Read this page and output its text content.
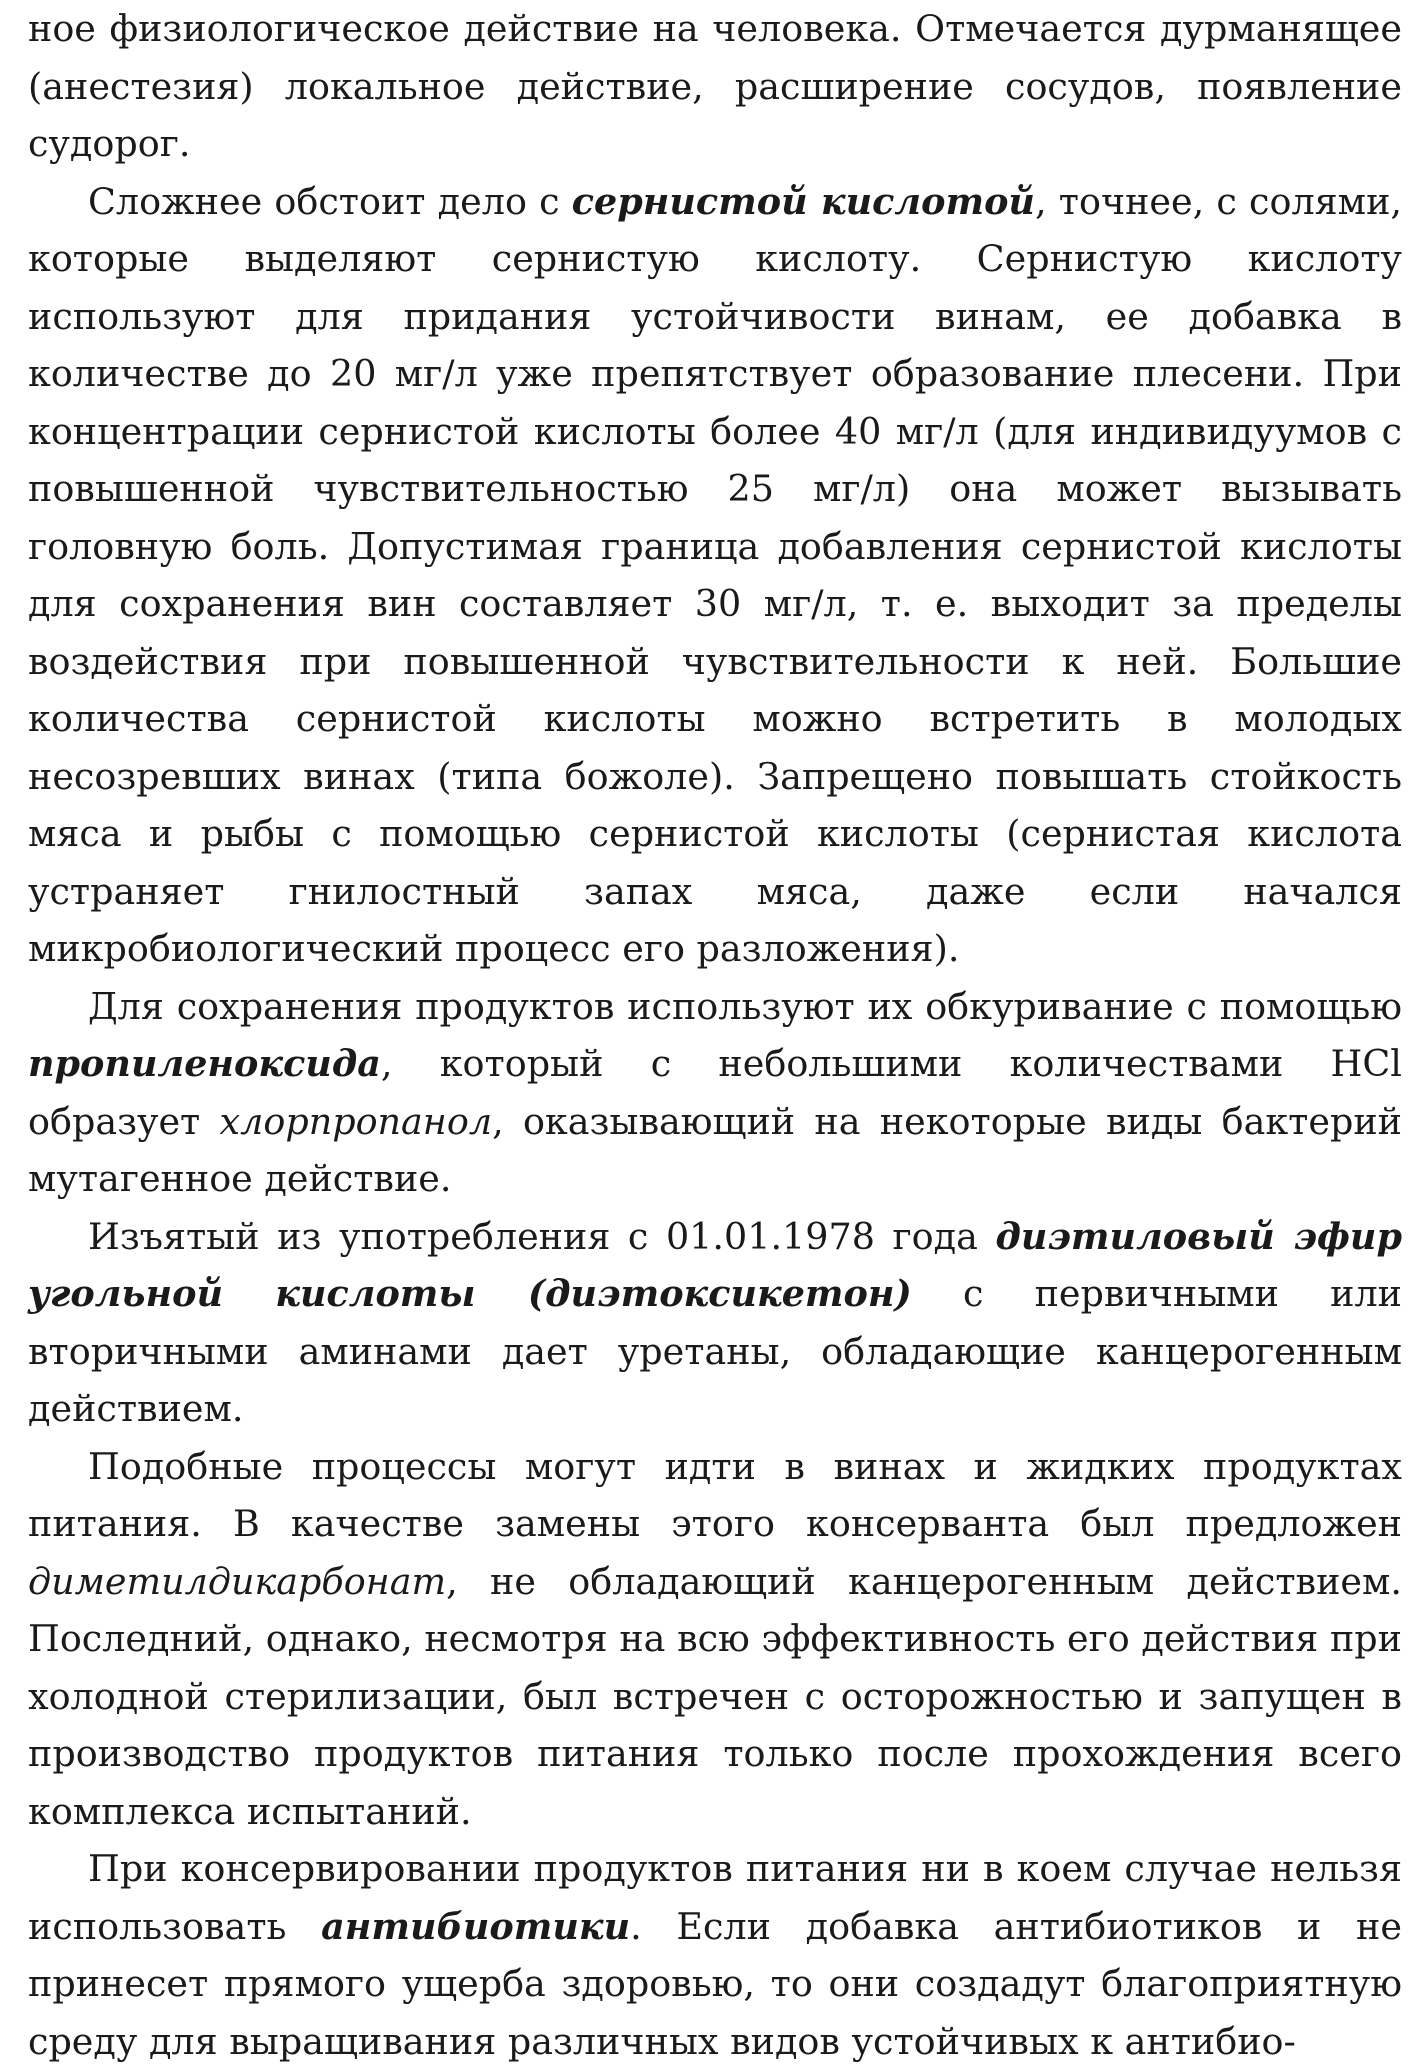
ное физиологическое действие на человека. Отмечается дурманящее (анестезия) локальное действие, расширение сосудов, появление судорог.

Сложнее обстоит дело с сернистой кислотой, точнее, с солями, которые выделяют сернистую кислоту. Сернистую кислоту используют для придания устойчивости винам, ее добавка в количестве до 20 мг/л уже препятствует образование плесени. При концентрации сернистой кислоты более 40 мг/л (для индивидуумов с повышенной чувствительностью 25 мг/л) она может вызывать головную боль. Допустимая граница добавления сернистой кислоты для сохранения вин составляет 30 мг/л, т. е. выходит за пределы воздействия при повышенной чувствительности к ней. Большие количества сернистой кислоты можно встретить в молодых несозревших винах (типа божоле). Запрещено повышать стойкость мяса и рыбы с помощью сернистой кислоты (сернистая кислота устраняет гнилостный запах мяса, даже если начался микробиологический процесс его разложения).

Для сохранения продуктов используют их обкуривание с помощью пропиленоксида, который с небольшими количествами HCl образует хлорпропанол, оказывающий на некоторые виды бактерий мутагенное действие.

Изъятый из употребления с 01.01.1978 года диэтиловый эфир угольной кислоты (диэтоксикетон) с первичными или вторичными аминами дает уретаны, обладающие канцерогенным действием.

Подобные процессы могут идти в винах и жидких продуктах питания. В качестве замены этого консерванта был предложен диметилдикарбонат, не обладающий канцерогенным действием. Последний, однако, несмотря на всю эффективность его действия при холодной стерилизации, был встречен с осторожностью и запущен в производство продуктов питания только после прохождения всего комплекса испытаний.

При консервировании продуктов питания ни в коем случае нельзя использовать антибиотики. Если добавка антибиотиков и не принесет прямого ущерба здоровью, то они создадут благоприятную среду для выращивания различных видов устойчивых к антибио-
